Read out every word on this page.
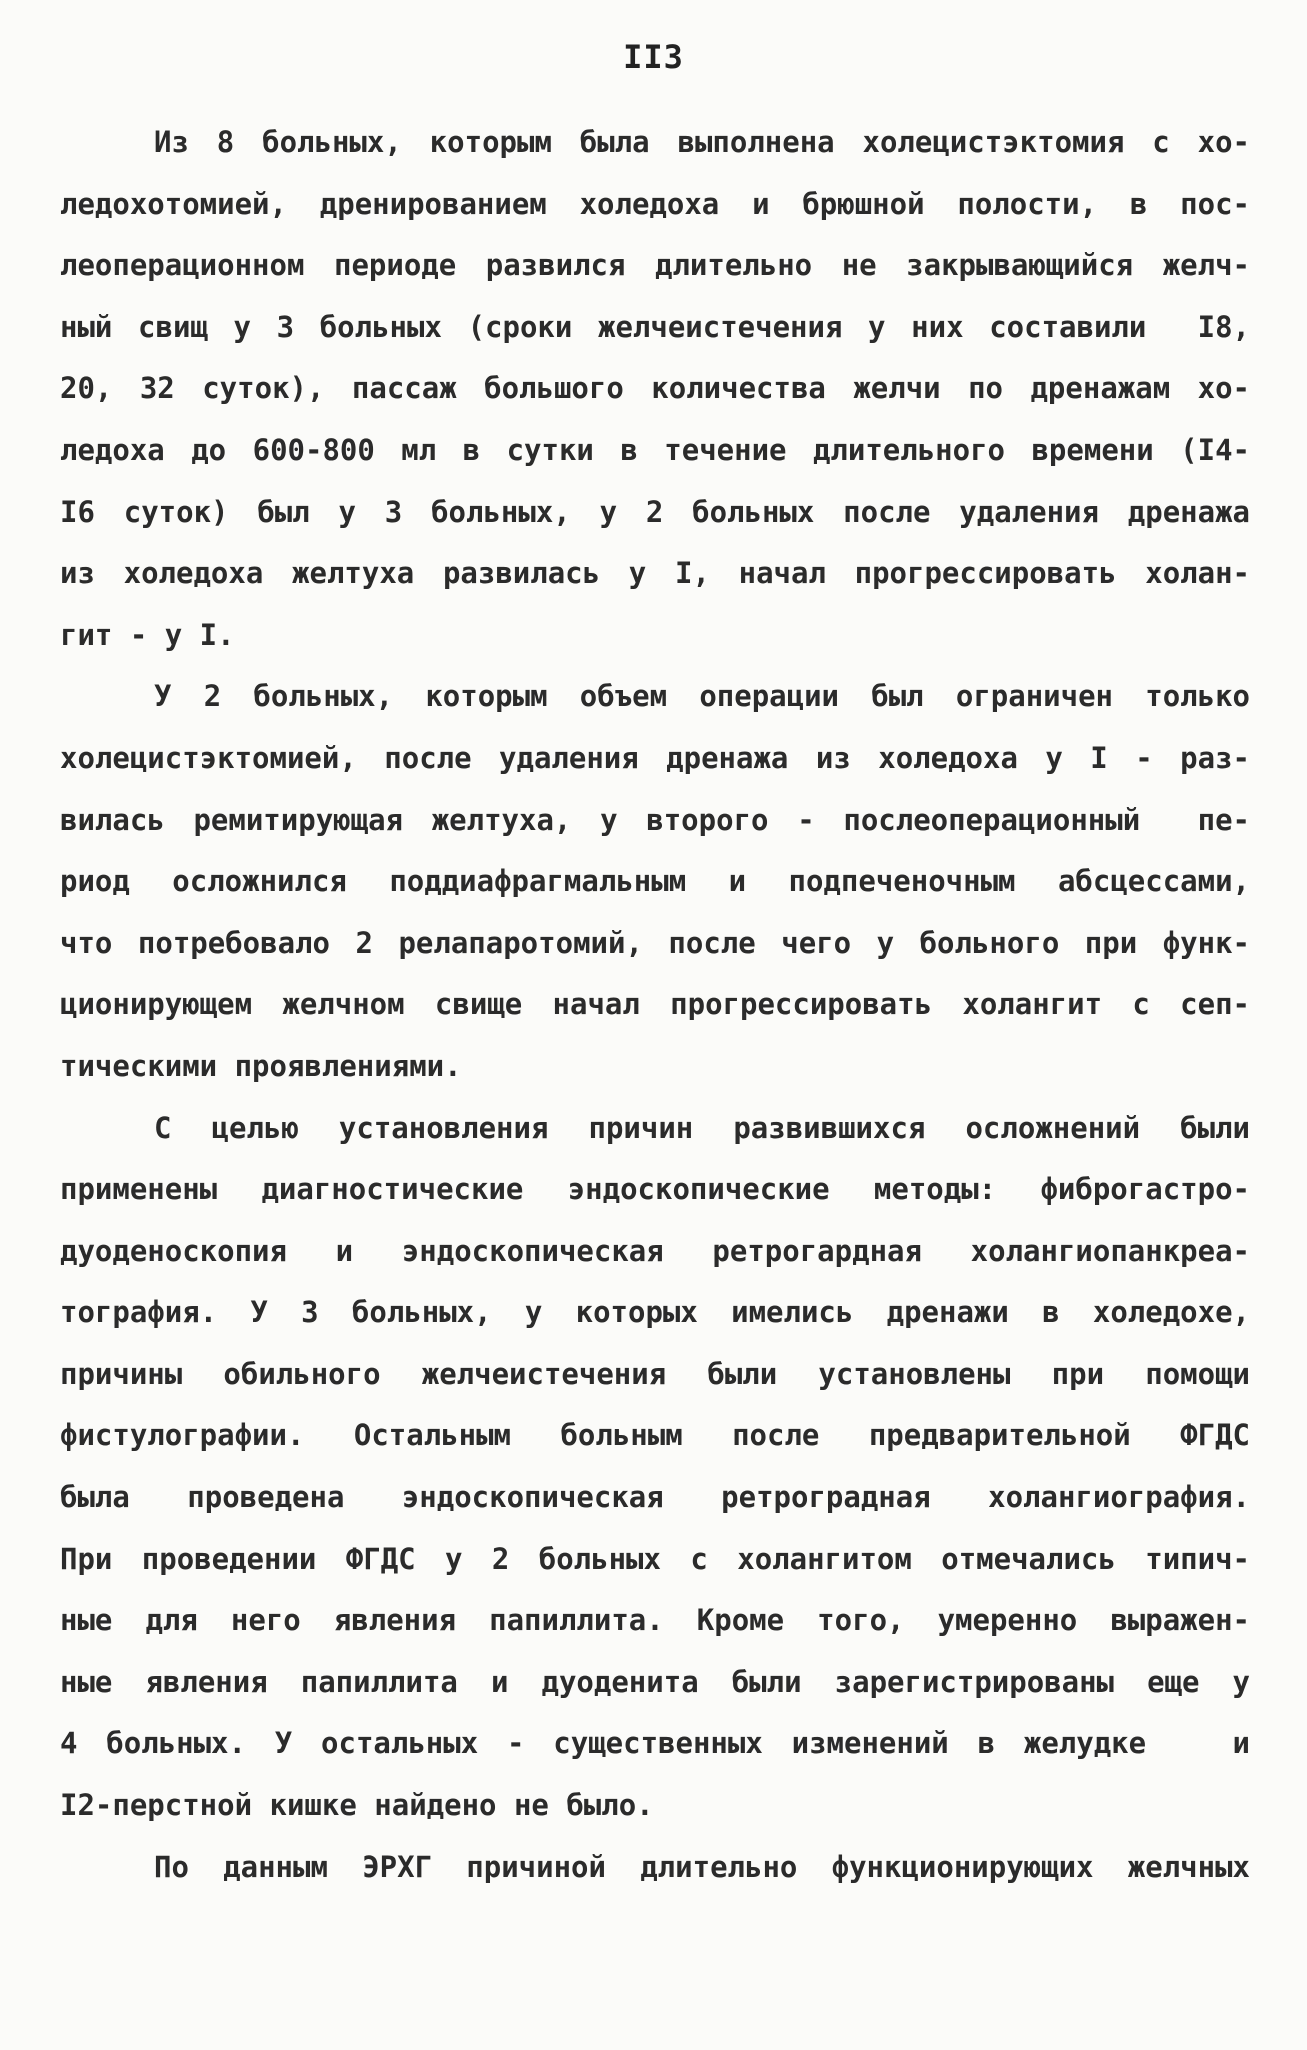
II3
Из 8 больных, которым была выполнена холецистэктомия с хо-
ледохотомией, дренированием холедоха и брюшной полости, в пос-
леоперационном периоде развился длительно не закрывающийся желч-
ный свищ у 3 больных (сроки желчеистечения у них составили  I8,
20, 32 суток), пассаж большого количества желчи по дренажам хо-
ледоха до 600-800 мл в сутки в течение длительного времени (I4-
I6 суток) был у 3 больных, у 2 больных после удаления дренажа
из холедоха желтуха развилась у I, начал прогрессировать холан-
гит - у I.
У 2 больных, которым объем операции был ограничен только
холецистэктомией, после удаления дренажа из холедоха у I - раз-
вилась ремитирующая желтуха, у второго - послеоперационный  пе-
риод осложнился поддиафрагмальным и подпеченочным абсцессами,
что потребовало 2 релапаротомий, после чего у больного при функ-
ционирующем желчном свище начал прогрессировать холангит с сеп-
тическими проявлениями.
С целью установления причин развившихся осложнений были
применены диагностические эндоскопические методы: фиброгастро-
дуоденоскопия и эндоскопическая ретрогардная холангиопанкреа-
тография. У 3 больных, у которых имелись дренажи в холедохе,
причины обильного желчеистечения были установлены при помощи
фистулографии. Остальным больным после предварительной ФГДС
была проведена эндоскопическая ретроградная холангиография.
При проведении ФГДС у 2 больных с холангитом отмечались типич-
ные для него явления папиллита. Кроме того, умеренно выражен-
ные явления папиллита и дуоденита были зарегистрированы еще у
4 больных. У остальных - существенных изменений в желудке   и
I2-перстной кишке найдено не было.
По данным ЭРХГ причиной длительно функционирующих желчных
